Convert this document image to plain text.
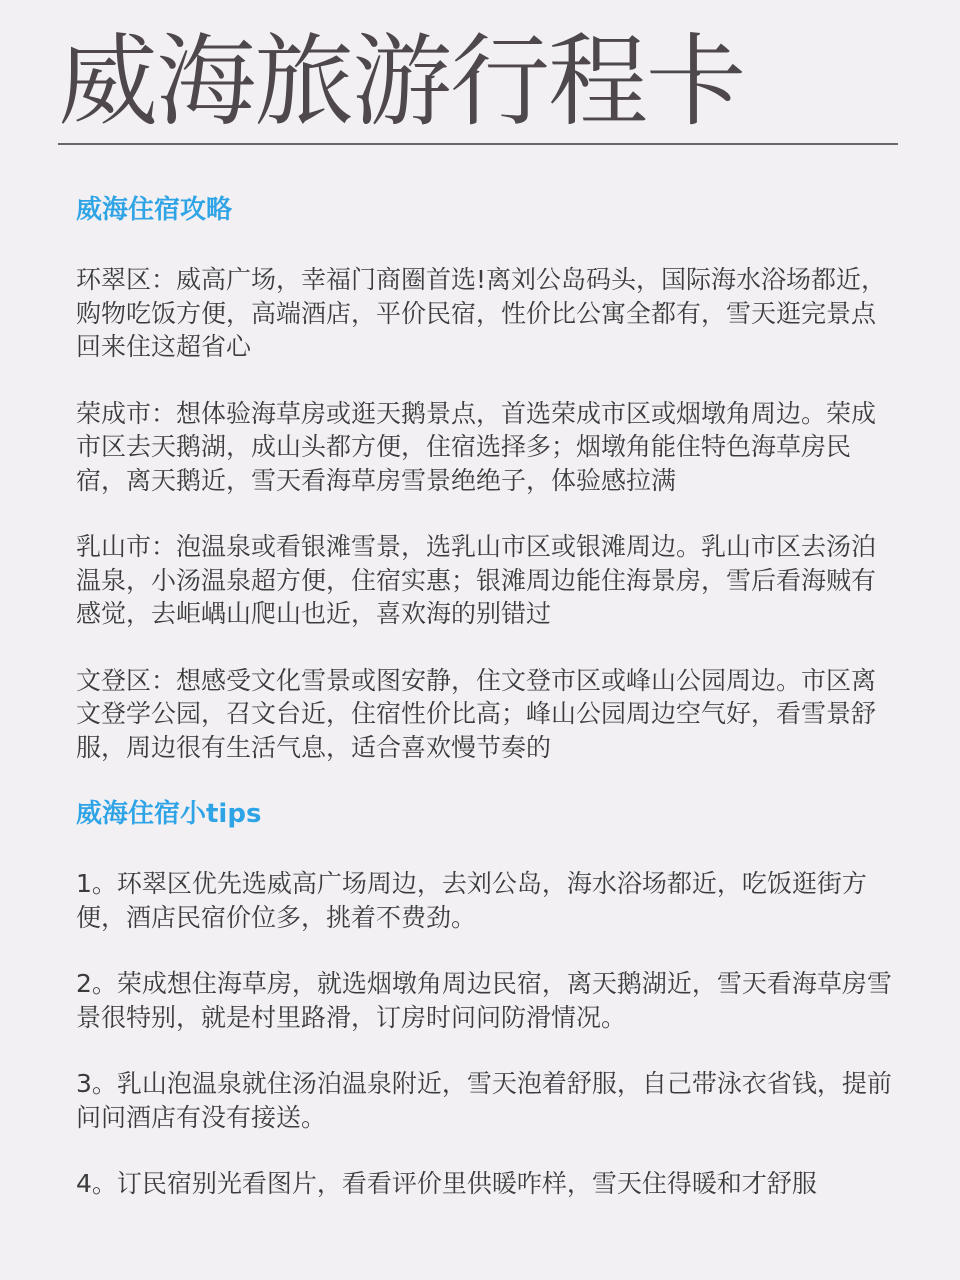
威海旅游行程卡
威海住宿攻略

环翠区：威高广场，幸福门商圈首选!离刘公岛码头，国际海水浴场都近，购物吃饭方便，高端酒店，平价民宿，性价比公寓全都有，雪天逛完景点回来住这超省心

荣成市：想体验海草房或逛天鹅景点，首选荣成市区或烟墩角周边。荣成市区去天鹅湖，成山头都方便，住宿选择多；烟墩角能住特色海草房民宿，离天鹅近，雪天看海草房雪景绝绝子，体验感拉满

乳山市：泡温泉或看银滩雪景，选乳山市区或银滩周边。乳山市区去汤泊温泉，小汤温泉超方便，住宿实惠；银滩周边能住海景房，雪后看海贼有感觉，去岠嵎山爬山也近，喜欢海的别错过

文登区：想感受文化雪景或图安静，住文登市区或峰山公园周边。市区离文登学公园，召文台近，住宿性价比高；峰山公园周边空气好，看雪景舒服，周边很有生活气息，适合喜欢慢节奏的

威海住宿小tips

1。环翠区优先选威高广场周边，去刘公岛，海水浴场都近，吃饭逛街方便，酒店民宿价位多，挑着不费劲。

2。荣成想住海草房，就选烟墩角周边民宿，离天鹅湖近，雪天看海草房雪景很特别，就是村里路滑，订房时问问防滑情况。

3。乳山泡温泉就住汤泊温泉附近，雪天泡着舒服，自己带泳衣省钱，提前问问酒店有没有接送。

4。订民宿别光看图片，看看评价里供暖咋样，雪天住得暖和才舒服
